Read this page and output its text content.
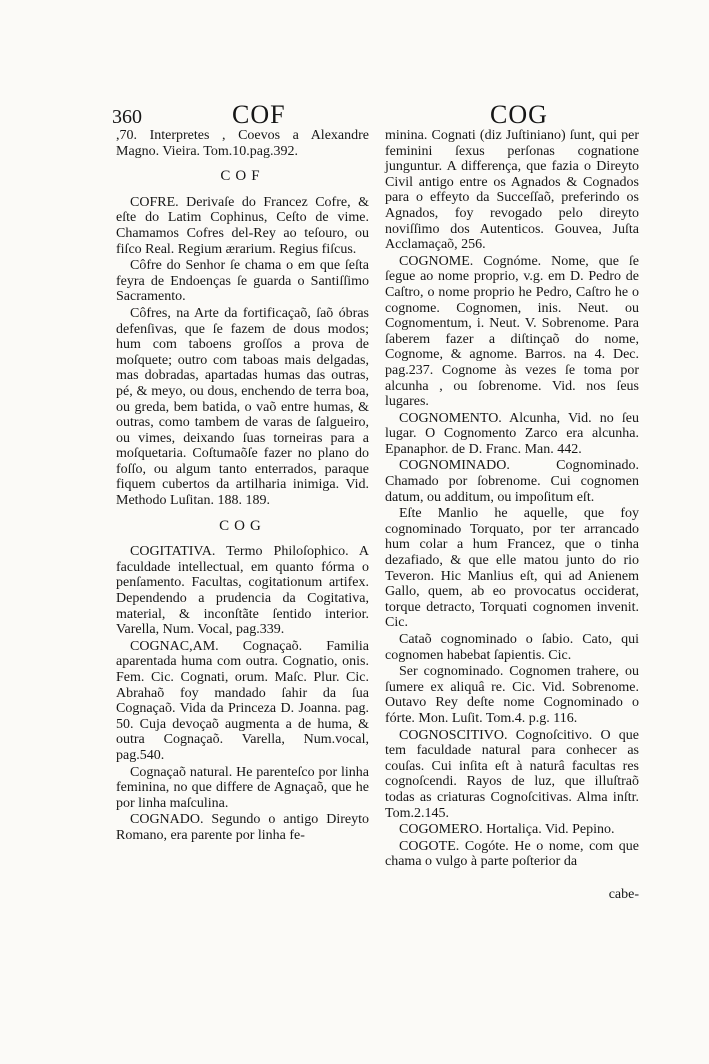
360	COF	COG

,70. Interpretes , Coevos a Alexandre Magno. Vieira. Tom.10.pag.392.

COF

COFRE. Derivaſe do Francez Cofre, & eſte do Latim Cophinus, Ceſto de vime. Chamamos Cofres del-Rey ao teſouro, ou fiſco Real. Regium ærarium. Regius fiſcus.

Côfre do Senhor ſe chama o em que ſeſta feyra de Endoenças ſe guarda o Santiſſimo Sacramento.

Côfres, na Arte da fortificaçaõ, ſaõ óbras defenſivas, que ſe fazem de dous modos; hum com taboens groſſos a prova de moſquete; outro com taboas mais delgadas, mas dobradas, apartadas humas das outras, pé, & meyo, ou dous, enchendo de terra boa, ou greda, bem batida, o vaõ entre humas, & outras, como tambem de varas de ſalgueiro, ou vimes, deixando ſuas torneiras para a moſquetaria. Coſtumaõſe fazer no plano do foſſo, ou algum tanto enterrados, paraque fiquem cubertos da artilharia inimiga. Vid. Methodo Luſitan. 188. 189.

COG

COGITATIVA. Termo Philoſophico. A faculdade intellectual, em quanto fórma o penſamento. Facultas, cogitationum artifex. Dependendo a prudencia da Cogitativa, material, & inconſtãte ſentido interior. Varella, Num. Vocal, pag.339.

COGNAC,AM. Cognaçaõ. Familia aparentada huma com outra. Cognatio, onis. Fem. Cic. Cognati, orum. Maſc. Plur. Cic. Abrahaõ foy mandado ſahir da ſua Cognaçaõ. Vida da Princeza D. Joanna. pag. 50. Cuja devoçaõ augmenta a de huma, & outra Cognaçaõ. Varella, Num.vocal, pag.540.

Cognaçaõ natural. He parenteſco por linha feminina, no que differe de Agnaçaõ, que he por linha maſculina.

COGNADO. Segundo o antigo Direyto Romano, era parente por linha fe-

minina. Cognati (diz Juſtiniano) ſunt, qui per feminini ſexus perſonas cognatione junguntur. A differença, que fazia o Direyto Civil antigo entre os Agnados & Cognados para o effeyto da Succeſſaõ, preferindo os Agnados, foy revogado pelo direyto noviſſimo dos Autenticos. Gouvea, Juſta Acclamaçaõ, 256.

COGNOME. Cognóme. Nome, que ſe ſegue ao nome proprio, v.g. em D. Pedro de Caſtro, o nome proprio he Pedro, Caſtro he o cognome. Cognomen, inis. Neut. ou Cognomentum, i. Neut. V. Sobrenome. Para ſaberem fazer a diſtinçaõ do nome, Cognome, & agnome. Barros. na 4. Dec. pag.237. Cognome às vezes ſe toma por alcunha , ou ſobrenome. Vid. nos ſeus lugares.

COGNOMENTO. Alcunha, Vid. no ſeu lugar. O Cognomento Zarco era alcunha. Epanaphor. de D. Franc. Man. 442.

COGNOMINADO. Cognominado. Chamado por ſobrenome. Cui cognomen datum, ou additum, ou impoſitum eſt.

Eſte Manlio he aquelle, que foy cognominado Torquato, por ter arrancado hum colar a hum Francez, que o tinha dezafiado, & que elle matou junto do rio Teveron. Hic Manlius eſt, qui ad Anienem Gallo, quem, ab eo provocatus occiderat, torque detracto, Torquati cognomen invenit. Cic.

Cataõ cognominado o ſabio. Cato, qui cognomen habebat ſapientis. Cic.

Ser cognominado. Cognomen trahere, ou ſumere ex aliquâ re. Cic. Vid. Sobrenome. Outavo Rey deſte nome Cognominado o fórte. Mon. Luſit. Tom.4. p.g. 116.

COGNOSCITIVO. Cognoſcitivo. O que tem faculdade natural para conhecer as couſas. Cui inſita eſt à naturâ facultas res cognoſcendi. Rayos de luz, que illuſtraõ todas as criaturas Cognoſcitivas. Alma inſtr. Tom.2.145.

COGOMERO. Hortaliça. Vid. Pepino.

COGOTE. Cogóte. He o nome, com que chama o vulgo à parte poſterior da

cabe-
